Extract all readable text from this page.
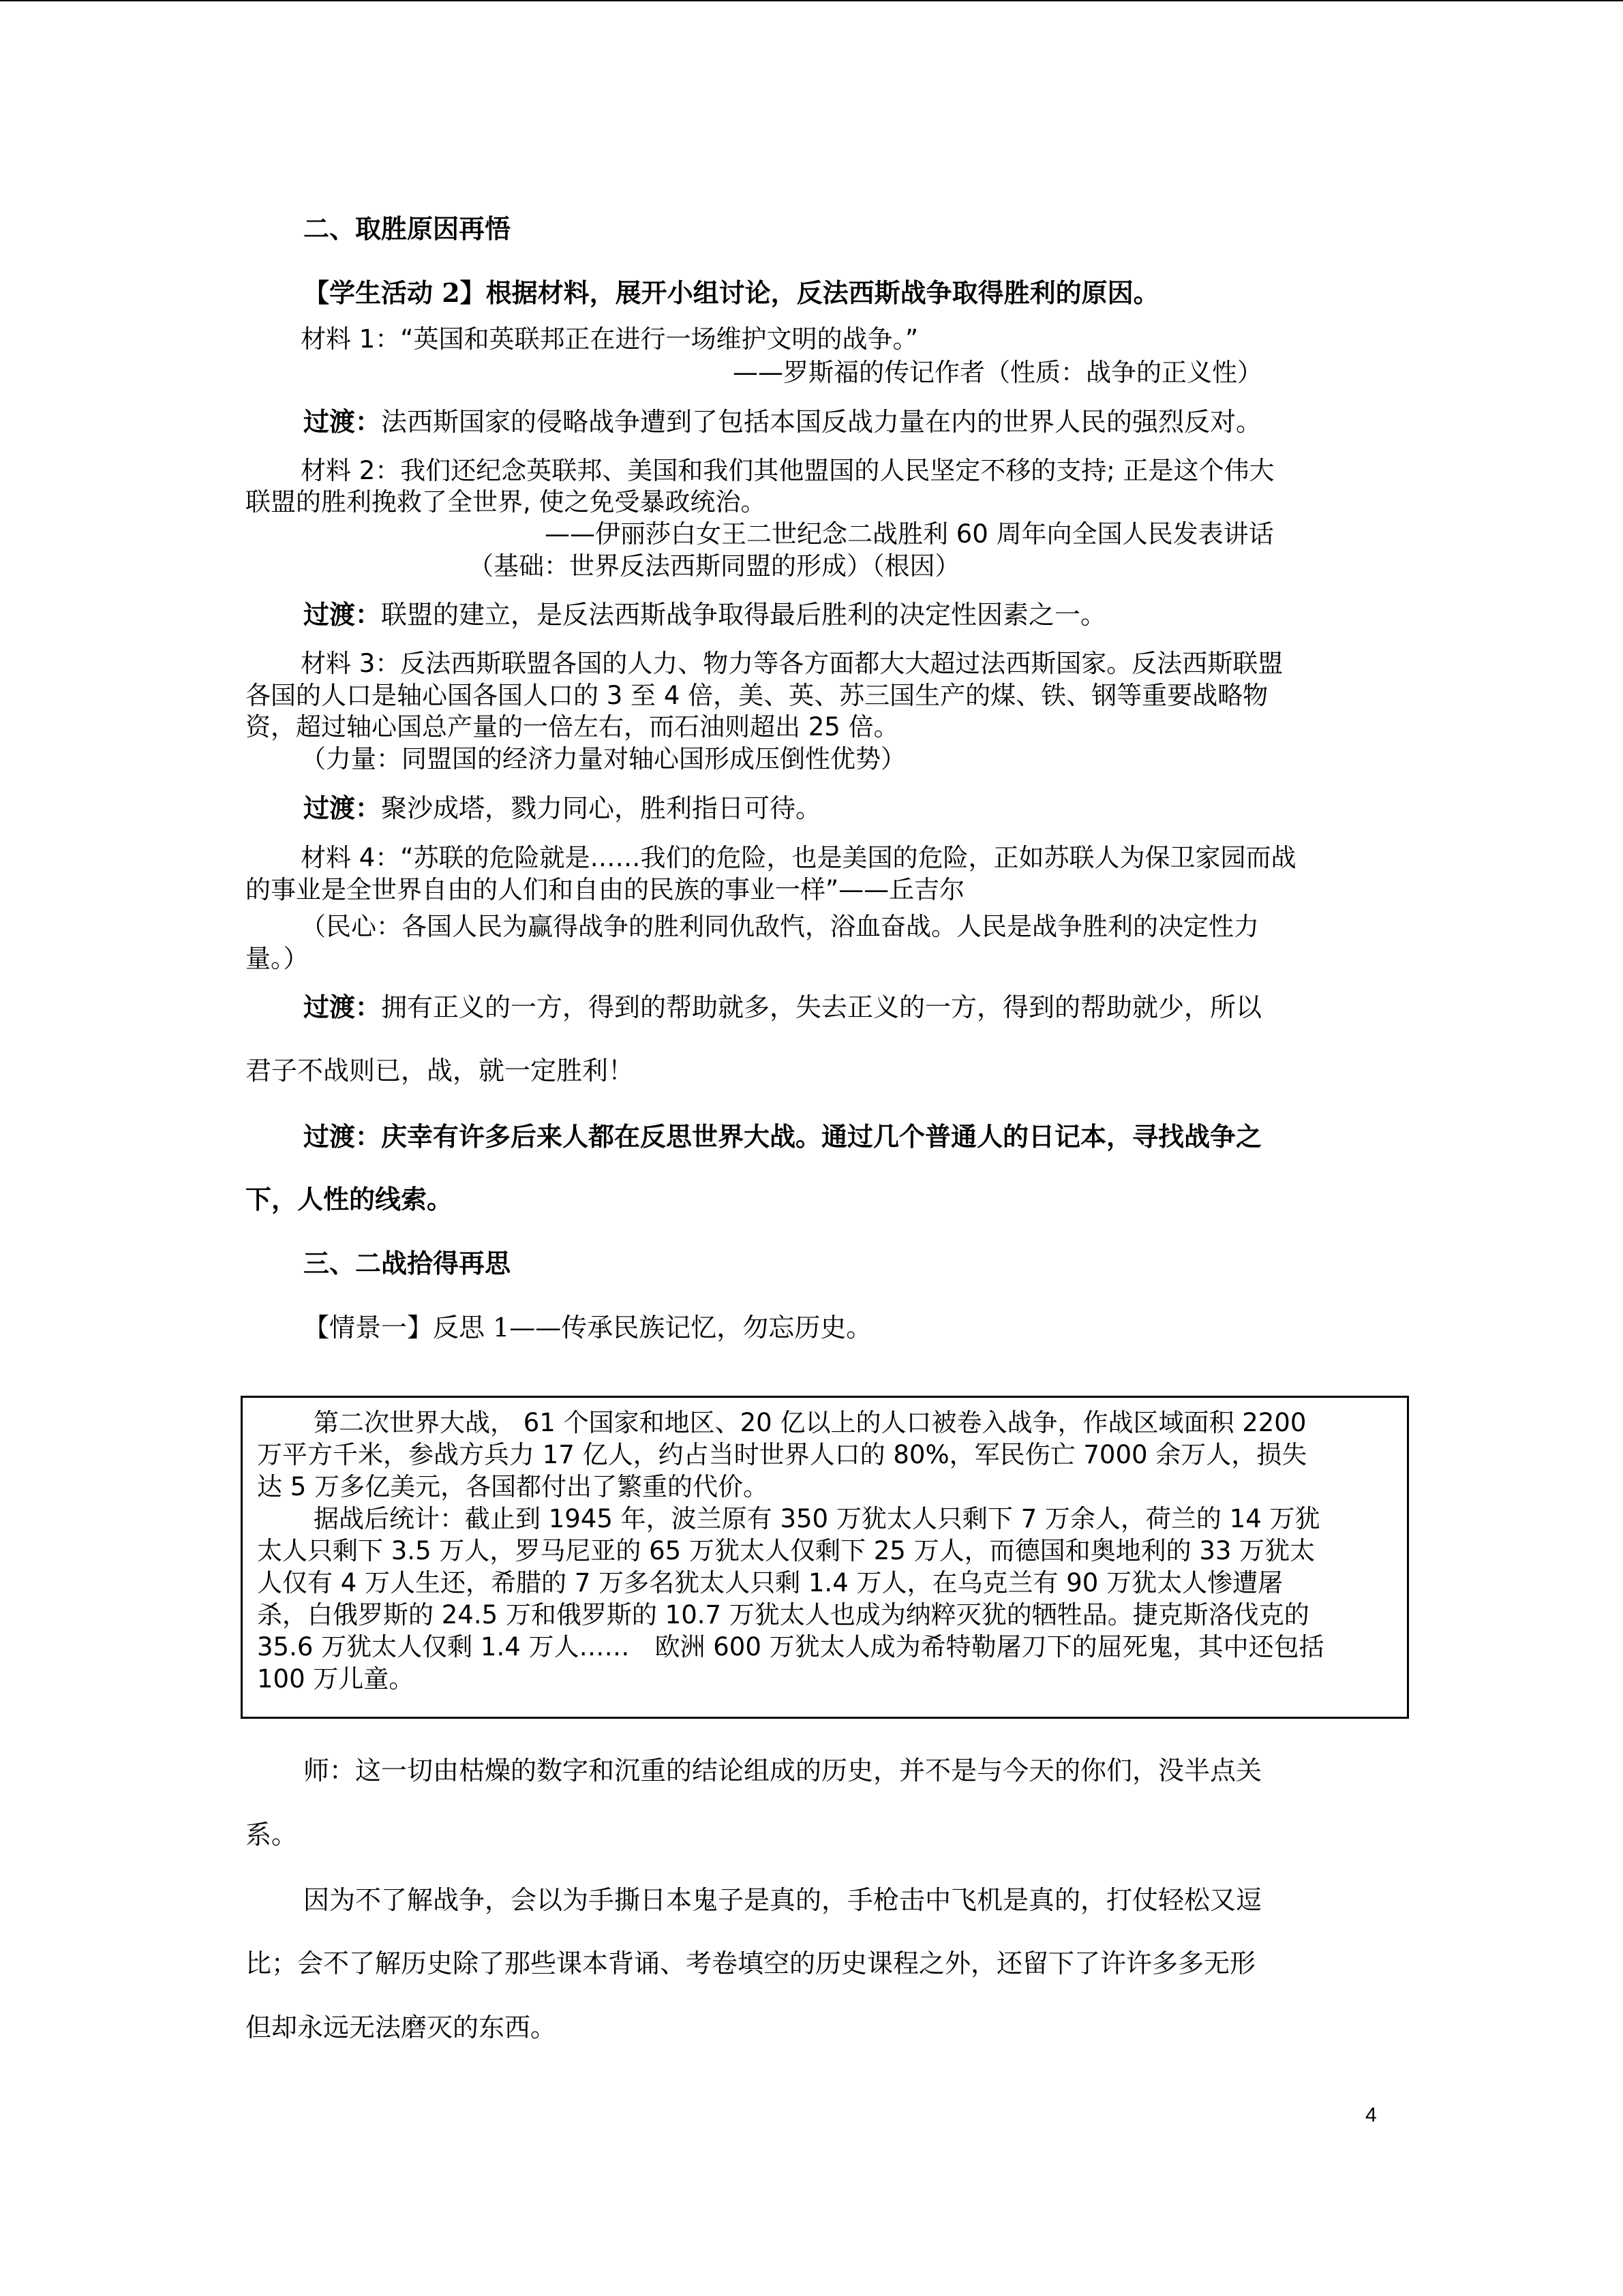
二、取胜原因再悟
【学生活动 2】根据材料，展开小组讨论，反法西斯战争取得胜利的原因。
材料 1：“英国和英联邦正在进行一场维护文明的战争。”
——罗斯福的传记作者（性质：战争的正义性）
过渡：法西斯国家的侵略战争遭到了包括本国反战力量在内的世界人民的强烈反对。
材料 2：我们还纪念英联邦、美国和我们其他盟国的人民坚定不移的支持; 正是这个伟大
联盟的胜利挽救了全世界, 使之免受暴政统治。
——伊丽莎白女王二世纪念二战胜利 60 周年向全国人民发表讲话
（基础：世界反法西斯同盟的形成）（根因）
过渡：联盟的建立，是反法西斯战争取得最后胜利的决定性因素之一。
材料 3：反法西斯联盟各国的人力、物力等各方面都大大超过法西斯国家。反法西斯联盟
各国的人口是轴心国各国人口的 3 至 4 倍，美、英、苏三国生产的煤、铁、钢等重要战略物
资，超过轴心国总产量的一倍左右，而石油则超出 25 倍。
（力量：同盟国的经济力量对轴心国形成压倒性优势）
过渡：聚沙成塔，戮力同心，胜利指日可待。
材料 4：“苏联的危险就是……我们的危险，也是美国的危险，正如苏联人为保卫家园而战
的事业是全世界自由的人们和自由的民族的事业一样”——丘吉尔
（民心：各国人民为赢得战争的胜利同仇敌忾，浴血奋战。人民是战争胜利的决定性力
量。）
过渡：拥有正义的一方，得到的帮助就多，失去正义的一方，得到的帮助就少，所以
君子不战则已，战，就一定胜利！
过渡：庆幸有许多后来人都在反思世界大战。通过几个普通人的日记本，寻找战争之
下，人性的线索。
三、二战拾得再思
【情景一】反思 1——传承民族记忆，勿忘历史。
第二次世界大战， 61 个国家和地区、20 亿以上的人口被卷入战争，作战区域面积 2200
万平方千米，参战方兵力 17 亿人，约占当时世界人口的 80%，军民伤亡 7000 余万人，损失
达 5 万多亿美元，各国都付出了繁重的代价。
据战后统计：截止到 1945 年，波兰原有 350 万犹太人只剩下 7 万余人，荷兰的 14 万犹
太人只剩下 3.5 万人，罗马尼亚的 65 万犹太人仅剩下 25 万人，而德国和奥地利的 33 万犹太
人仅有 4 万人生还，希腊的 7 万多名犹太人只剩 1.4 万人，在乌克兰有 90 万犹太人惨遭屠
杀，白俄罗斯的 24.5 万和俄罗斯的 10.7 万犹太人也成为纳粹灭犹的牺牲品。捷克斯洛伐克的
35.6 万犹太人仅剩 1.4 万人……　欧洲 600 万犹太人成为希特勒屠刀下的屈死鬼，其中还包括
100 万儿童。
师：这一切由枯燥的数字和沉重的结论组成的历史，并不是与今天的你们，没半点关
系。
因为不了解战争，会以为手撕日本鬼子是真的，手枪击中飞机是真的，打仗轻松又逗
比；会不了解历史除了那些课本背诵、考卷填空的历史课程之外，还留下了许许多多无形
但却永远无法磨灭的东西。
4
